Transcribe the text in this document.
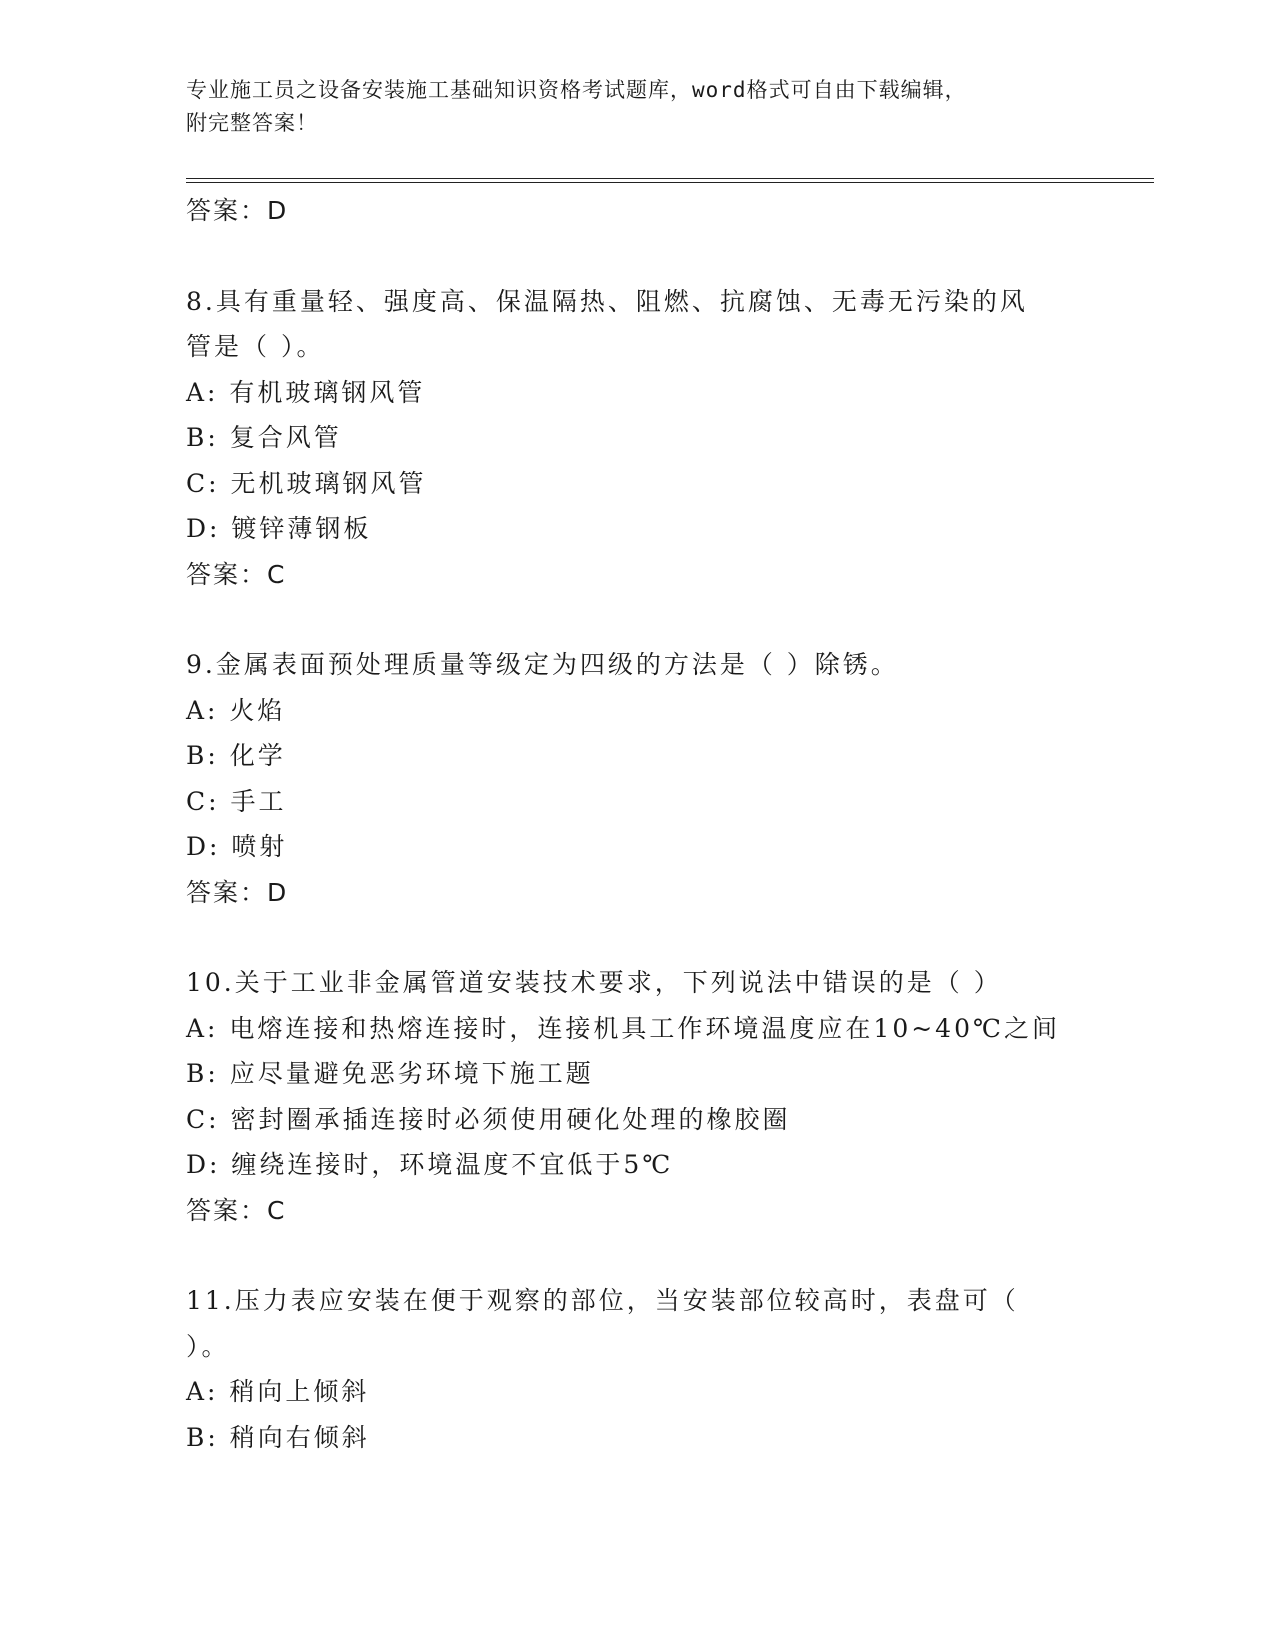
专业施工员之设备安装施工基础知识资格考试题库，word格式可自由下载编辑，
附完整答案！
答案：D
8.具有重量轻、强度高、保温隔热、阻燃、抗腐蚀、无毒无污染的风
管是（ ）。
A: 有机玻璃钢风管
B: 复合风管
C: 无机玻璃钢风管
D: 镀锌薄钢板
答案：C
9.金属表面预处理质量等级定为四级的方法是（ ）除锈。
A: 火焰
B: 化学
C: 手工
D: 喷射
答案：D
10.关于工业非金属管道安装技术要求，下列说法中错误的是（ ）
A: 电熔连接和热熔连接时，连接机具工作环境温度应在10~40℃之间
B: 应尽量避免恶劣环境下施工题
C: 密封圈承插连接时必须使用硬化处理的橡胶圈
D: 缠绕连接时，环境温度不宜低于5℃
答案：C
11.压力表应安装在便于观察的部位，当安装部位较高时，表盘可（
）。
A: 稍向上倾斜
B: 稍向右倾斜
